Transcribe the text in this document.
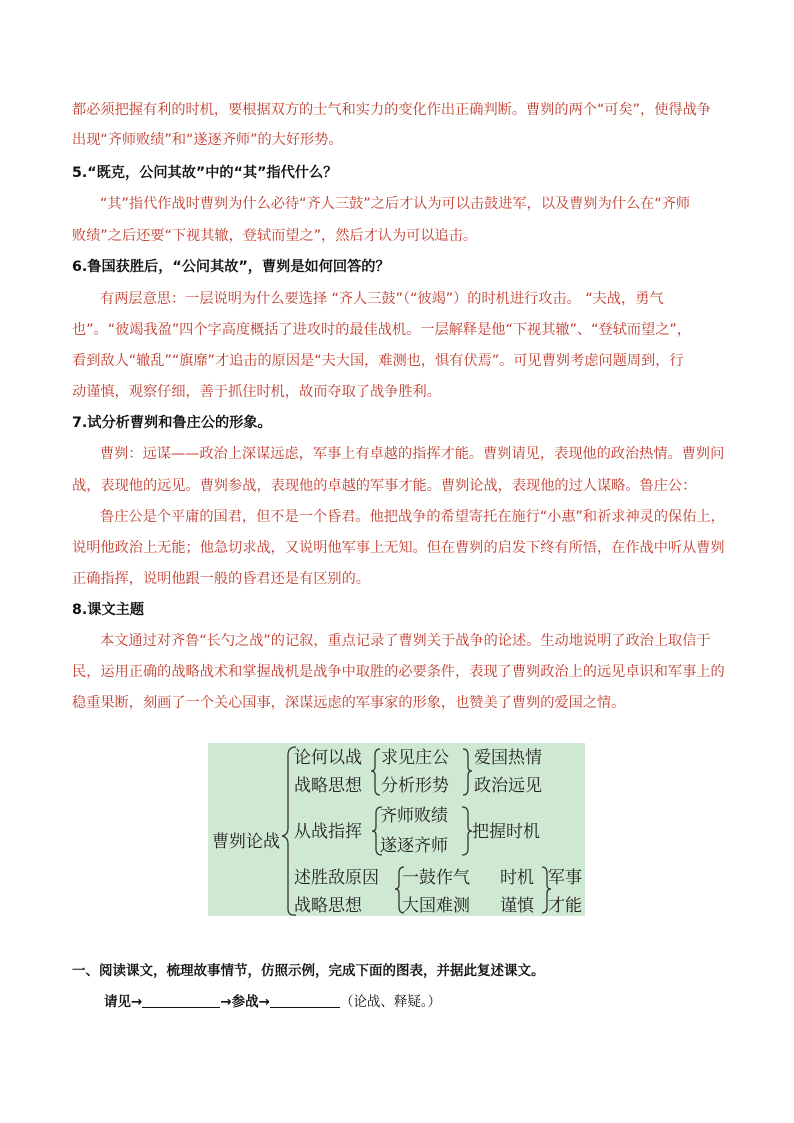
都必须把握有利的时机，要根据双方的士气和实力的变化作出正确判断。曹刿的两个“可矣”，使得战争
出现“齐师败绩”和“遂逐齐师”的大好形势。
5.“既克，公问其故”中的“其”指代什么？
“其”指代作战时曹刿为什么必待“齐人三鼓”之后才认为可以击鼓进军，以及曹刿为什么在“齐师
败绩”之后还要“下视其辙，登轼而望之”，然后才认为可以追击。
6.鲁国获胜后，“公问其故”，曹刿是如何回答的？
有两层意思：一层说明为什么要选择 “齐人三鼓”（“彼竭”）的时机进行攻击。 “夫战，勇气
也”。“彼竭我盈”四个字高度概括了进攻时的最佳战机。一层解释是他“下视其辙”、“登轼而望之”，
看到敌人“辙乱”“旗靡”才追击的原因是“夫大国，难测也，惧有伏焉”。可见曹刿考虑问题周到，行
动谨慎，观察仔细，善于抓住时机，故而夺取了战争胜利。
7.试分析曹刿和鲁庄公的形象。
曹刿：远谋——政治上深谋远虑，军事上有卓越的指挥才能。曹刿请见，表现他的政治热情。曹刿问
战，表现他的远见。曹刿参战，表现他的卓越的军事才能。曹刿论战，表现他的过人谋略。鲁庄公：
鲁庄公是个平庸的国君，但不是一个昏君。他把战争的希望寄托在施行“小惠”和祈求神灵的保佑上，
说明他政治上无能；他急切求战，又说明他军事上无知。但在曹刿的启发下终有所悟，在作战中听从曹刿
正确指挥，说明他跟一般的昏君还是有区别的。
8.课文主题
本文通过对齐鲁“长勺之战”的记叙，重点记录了曹刿关于战争的论述。生动地说明了政治上取信于
民，运用正确的战略战术和掌握战机是战争中取胜的必要条件，表现了曹刿政治上的远见卓识和军事上的
稳重果断，刻画了一个关心国事，深谋远虑的军事家的形象，也赞美了曹刿的爱国之情。
曹刿论战
论何以战 求见庄公 爱国热情
战略思想 分析形势 政治远见
从战指挥
齐师败绩
遂逐齐师
把握时机
述胜敌原因 一鼓作气 时机 军事
战略思想 大国难测 谨慎 才能
一、阅读课文，梳理故事情节，仿照示例，完成下面的图表，并据此复述课文。
请见→	→参战→	（论战、释疑。）
